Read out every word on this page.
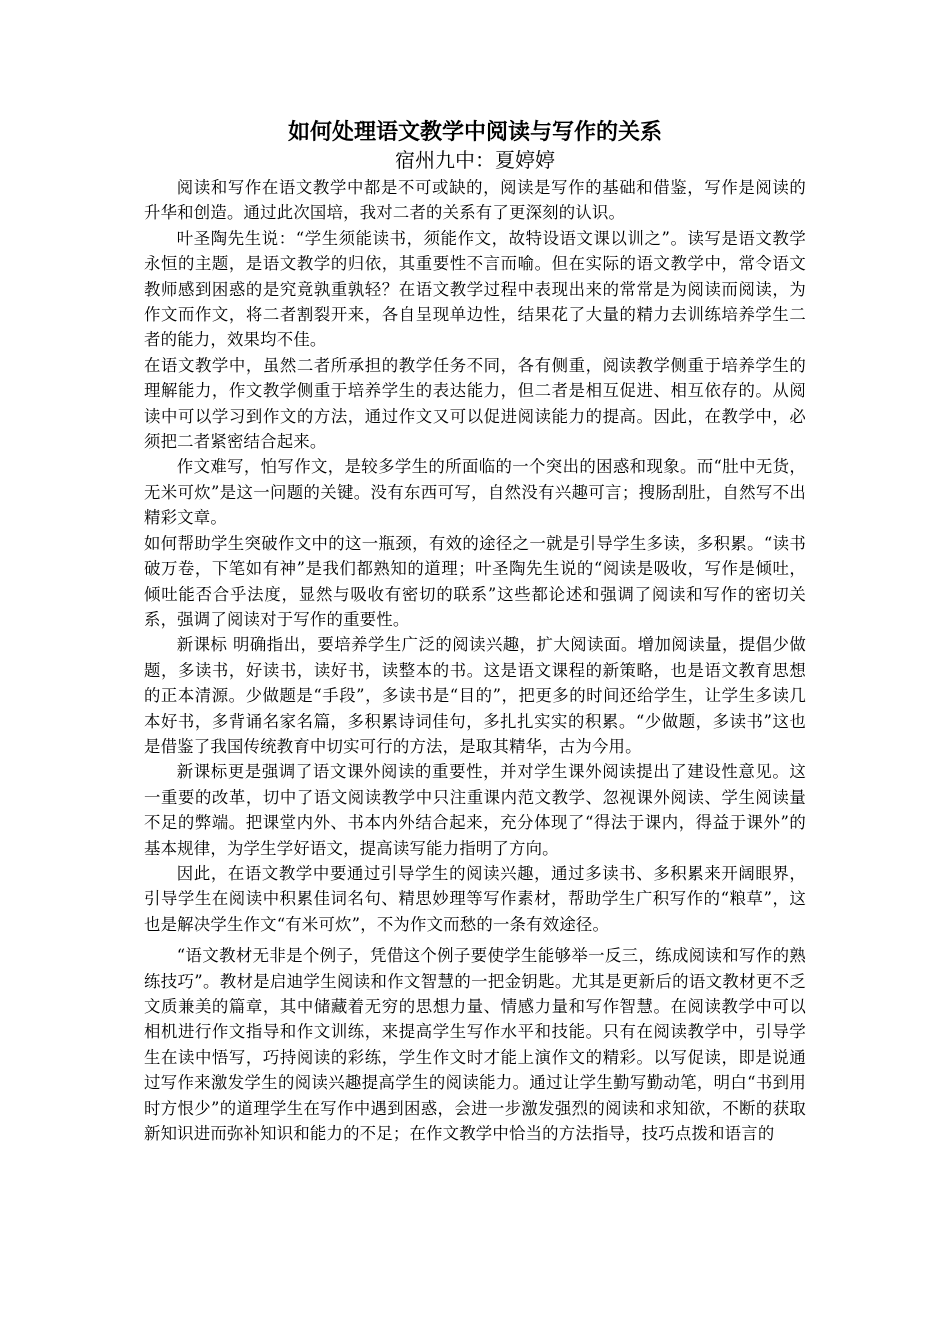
如何处理语文教学中阅读与写作的关系
宿州九中：夏婷婷

阅读和写作在语文教学中都是不可或缺的，阅读是写作的基础和借鉴，写作是阅读的升华和创造。通过此次国培，我对二者的关系有了更深刻的认识。

叶圣陶先生说：“学生须能读书，须能作文，故特设语文课以训之”。读写是语文教学永恒的主题，是语文教学的归依，其重要性不言而喻。但在实际的语文教学中，常令语文教师感到困惑的是究竟孰重孰轻？在语文教学过程中表现出来的常常是为阅读而阅读，为作文而作文，将二者割裂开来，各自呈现单边性，结果花了大量的精力去训练培养学生二者的能力，效果均不佳。

在语文教学中，虽然二者所承担的教学任务不同，各有侧重，阅读教学侧重于培养学生的理解能力，作文教学侧重于培养学生的表达能力，但二者是相互促进、相互依存的。从阅读中可以学习到作文的方法，通过作文又可以促进阅读能力的提高。因此，在教学中，必须把二者紧密结合起来。

作文难写，怕写作文，是较多学生的所面临的一个突出的困惑和现象。而“肚中无货，无米可炊”是这一问题的关键。没有东西可写，自然没有兴趣可言；搜肠刮肚，自然写不出精彩文章。

如何帮助学生突破作文中的这一瓶颈，有效的途径之一就是引导学生多读，多积累。“读书破万卷，下笔如有神”是我们都熟知的道理；叶圣陶先生说的“阅读是吸收，写作是倾吐，倾吐能否合乎法度，显然与吸收有密切的联系”这些都论述和强调了阅读和写作的密切关系，强调了阅读对于写作的重要性。

新课标 明确指出，要培养学生广泛的阅读兴趣，扩大阅读面。增加阅读量，提倡少做题，多读书，好读书，读好书，读整本的书。这是语文课程的新策略，也是语文教育思想的正本清源。少做题是“手段”，多读书是“目的”，把更多的时间还给学生，让学生多读几本好书，多背诵名家名篇，多积累诗词佳句，多扎扎实实的积累。“少做题，多读书”这也是借鉴了我国传统教育中切实可行的方法，是取其精华，古为今用。

新课标更是强调了语文课外阅读的重要性，并对学生课外阅读提出了建设性意见。这一重要的改革，切中了语文阅读教学中只注重课内范文教学、忽视课外阅读、学生阅读量不足的弊端。把课堂内外、书本内外结合起来，充分体现了“得法于课内，得益于课外”的基本规律，为学生学好语文，提高读写能力指明了方向。

因此，在语文教学中要通过引导学生的阅读兴趣，通过多读书、多积累来开阔眼界，引导学生在阅读中积累佳词名句、精思妙理等写作素材，帮助学生广积写作的“粮草”，这也是解决学生作文“有米可炊”，不为作文而愁的一条有效途径。

“语文教材无非是个例子，凭借这个例子要使学生能够举一反三，练成阅读和写作的熟练技巧”。教材是启迪学生阅读和作文智慧的一把金钥匙。尤其是更新后的语文教材更不乏文质兼美的篇章，其中储藏着无穷的思想力量、情感力量和写作智慧。在阅读教学中可以相机进行作文指导和作文训练，来提高学生写作水平和技能。只有在阅读教学中，引导学生在读中悟写，巧持阅读的彩练，学生作文时才能上演作文的精彩。以写促读，即是说通过写作来激发学生的阅读兴趣提高学生的阅读能力。通过让学生勤写勤动笔，明白“书到用时方恨少”的道理学生在写作中遇到困惑，会进一步激发强烈的阅读和求知欲，不断的获取新知识进而弥补知识和能力的不足；在作文教学中恰当的方法指导，技巧点拨和语言的
